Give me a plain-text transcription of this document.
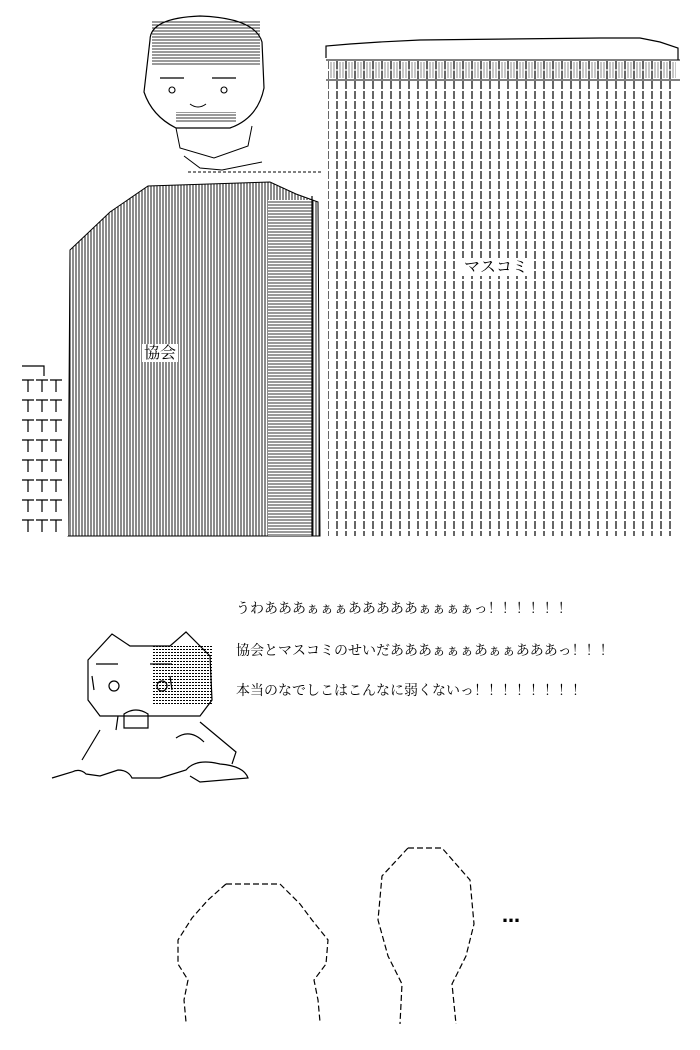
協会
マスコミ
うわあああぁぁぁあああああぁぁぁぁっ！！！！！！
協会とマスコミのせいだあああぁぁぁあぁぁあああっ！！！
本当のなでしこはこんなに弱くないっ！！！！！！！！
…
